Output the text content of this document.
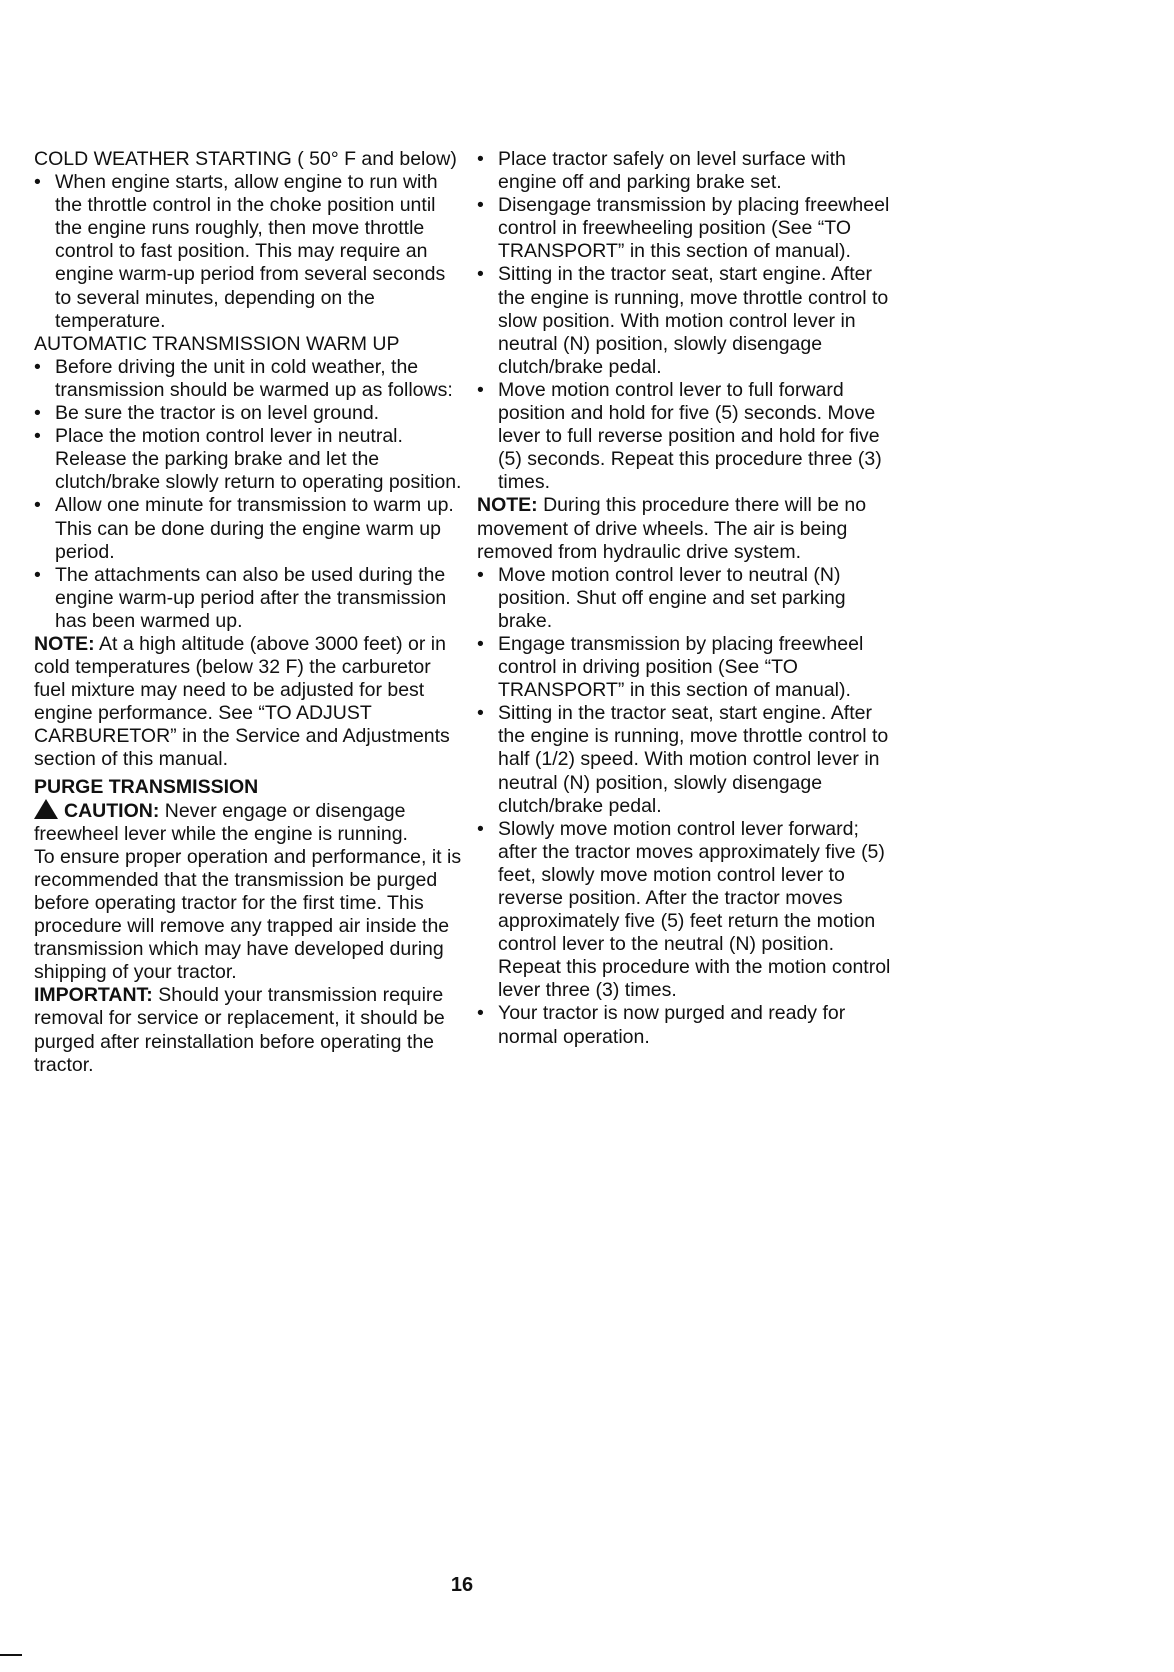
COLD WEATHER STARTING ( 50° F and below)

• When engine starts, allow engine to run with the throttle control in the choke position until the engine runs roughly, then move throttle control to fast position. This may require an engine warm-up period from several seconds to several minutes, depending on the temperature.

AUTOMATIC TRANSMISSION WARM UP

• Before driving the unit in cold weather, the transmission should be warmed up as follows:

• Be sure the tractor is on level ground.

• Place the motion control lever in neutral. Release the parking brake and let the clutch/brake slowly return to operating position.

• Allow one minute for transmission to warm up. This can be done during the engine warm up period.

• The attachments can also be used during the engine warm-up period after the transmission has been warmed up.

NOTE: At a high altitude (above 3000 feet) or in cold temperatures (below 32 F) the carburetor fuel mixture may need to be adjusted for best engine performance. See “TO ADJUST CARBURETOR” in the Service and Adjustments section of this manual.

PURGE TRANSMISSION

CAUTION: Never engage or disengage freewheel lever while the engine is running.

To ensure proper operation and performance, it is recommended that the transmission be purged before operating tractor for the first time. This procedure will remove any trapped air inside the transmission which may have developed during shipping of your tractor.

IMPORTANT: Should your transmission require removal for service or replacement, it should be purged after reinstallation before operating the tractor.

• Place tractor safely on level surface with engine off and parking brake set.

• Disengage transmission by placing freewheel control in freewheeling position (See “TO TRANSPORT” in this section of manual).

• Sitting in the tractor seat, start engine. After the engine is running, move throttle control to slow position. With motion control lever in neutral (N) position, slowly disengage clutch/brake pedal.

• Move motion control lever to full forward position and hold for five (5) seconds. Move lever to full reverse position and hold for five (5) seconds. Repeat this procedure three (3) times.

NOTE: During this procedure there will be no movement of drive wheels. The air is being removed from hydraulic drive system.

• Move motion control lever to neutral (N) position. Shut off engine and set parking brake.

• Engage transmission by placing freewheel control in driving position (See “TO TRANSPORT” in this section of manual).

• Sitting in the tractor seat, start engine. After the engine is running, move throttle control to half (1/2) speed. With motion control lever in neutral (N) position, slowly disengage clutch/brake pedal.

• Slowly move motion control lever forward; after the tractor moves approximately five (5) feet, slowly move motion control lever to reverse position. After the tractor moves approximately five (5) feet return the motion control lever to the neutral (N) position. Repeat this procedure with the motion control lever three (3) times.

• Your tractor is now purged and ready for normal operation.

16
